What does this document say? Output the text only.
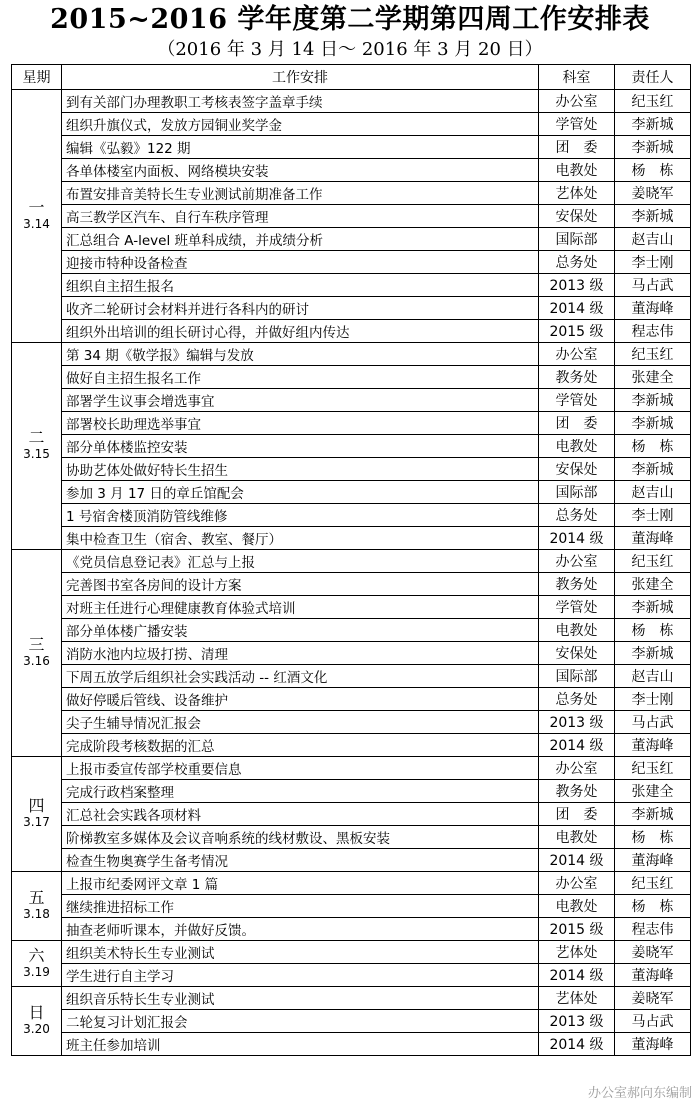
2015~2016 学年度第二学期第四周工作安排表
（2016 年 3 月 14 日～ 2016 年 3 月 20 日）
星期	工作安排	科室	责任人

一
3.14	到有关部门办理教职工考核表签字盖章手续	办公室	纪玉红
	组织升旗仪式，发放方园铜业奖学金	学管处	李新城
	编辑《弘毅》122 期	团　委	李新城
	各单体楼室内面板、网络模块安装	电教处	杨　栋
	布置安排音美特长生专业测试前期准备工作	艺体处	姜晓军
	高三教学区汽车、自行车秩序管理	安保处	李新城
	汇总组合 A-level 班单科成绩，并成绩分析	国际部	赵吉山
	迎接市特种设备检查	总务处	李士刚
	组织自主招生报名	2013 级	马占武
	收齐二轮研讨会材料并进行各科内的研讨	2014 级	董海峰
	组织外出培训的组长研讨心得，并做好组内传达	2015 级	程志伟

二
3.15	第 34 期《敬学报》编辑与发放	办公室	纪玉红
	做好自主招生报名工作	教务处	张建全
	部署学生议事会增选事宜	学管处	李新城
	部署校长助理选举事宜	团　委	李新城
	部分单体楼监控安装	电教处	杨　栋
	协助艺体处做好特长生招生	安保处	李新城
	参加 3 月 17 日的章丘馆配会	国际部	赵吉山
	1 号宿舍楼顶消防管线维修	总务处	李士刚
	集中检查卫生（宿舍、教室、餐厅）	2014 级	董海峰

三
3.16	《党员信息登记表》汇总与上报	办公室	纪玉红
	完善图书室各房间的设计方案	教务处	张建全
	对班主任进行心理健康教育体验式培训	学管处	李新城
	部分单体楼广播安装	电教处	杨　栋
	消防水池内垃圾打捞、清理	安保处	李新城
	下周五放学后组织社会实践活动 -- 红酒文化	国际部	赵吉山
	做好停暖后管线、设备维护	总务处	李士刚
	尖子生辅导情况汇报会	2013 级	马占武
	完成阶段考核数据的汇总	2014 级	董海峰

四
3.17	上报市委宣传部学校重要信息	办公室	纪玉红
	完成行政档案整理	教务处	张建全
	汇总社会实践各项材料	团　委	李新城
	阶梯教室多媒体及会议音响系统的线材敷设、黑板安装	电教处	杨　栋
	检查生物奥赛学生备考情况	2014 级	董海峰

五
3.18	上报市纪委网评文章 1 篇	办公室	纪玉红
	继续推进招标工作	电教处	杨　栋
	抽查老师听课本，并做好反馈。	2015 级	程志伟

六
3.19	组织美术特长生专业测试	艺体处	姜晓军
	学生进行自主学习	2014 级	董海峰

日
3.20	组织音乐特长生专业测试	艺体处	姜晓军
	二轮复习计划汇报会	2013 级	马占武
	班主任参加培训	2014 级	董海峰
办公室郝向东编制
